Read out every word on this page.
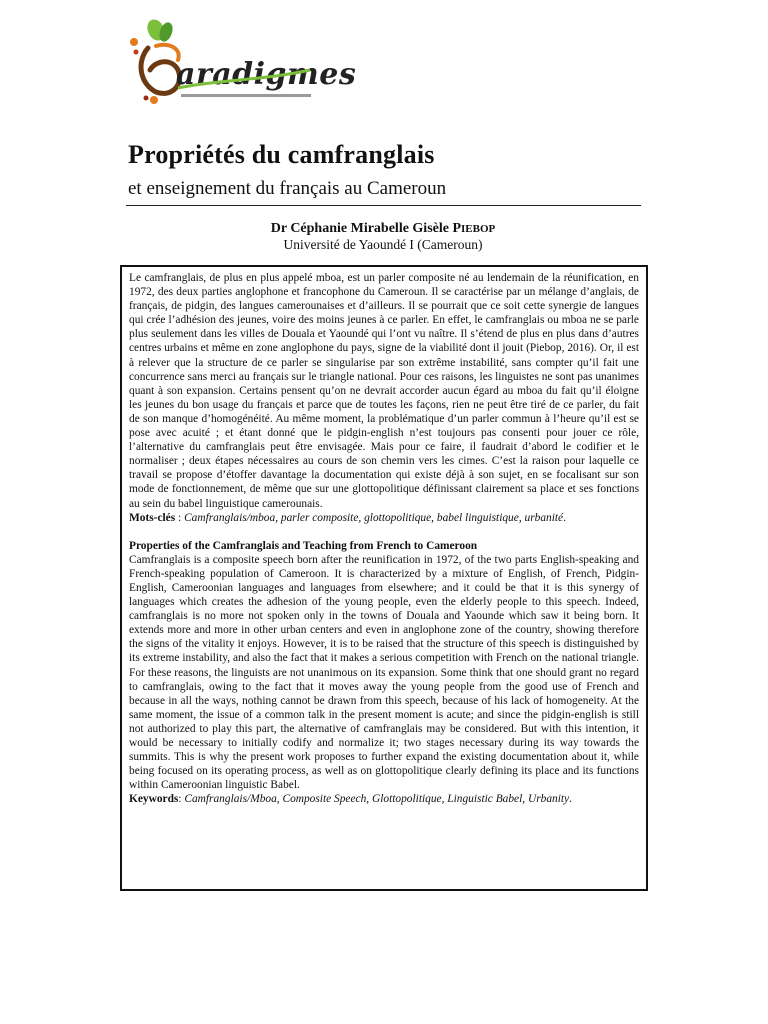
aradigmes
Propriétés du camfranglais
et enseignement du français au Cameroun
Dr Céphanie Mirabelle Gisèle PIEBOP
Université de Yaoundé I (Cameroun)

Le camfranglais, de plus en plus appelé mboa, est un parler composite né au lendemain de la réunification, en 1972, des deux parties anglophone et francophone du Cameroun. Il se caractérise par un mélange d’anglais, de français, de pidgin, des langues camerounaises et d’ailleurs. Il se pourrait que ce soit cette synergie de langues qui crée l’adhésion des jeunes, voire des moins jeunes à ce parler. En effet, le camfranglais ou mboa ne se parle plus seulement dans les villes de Douala et Yaoundé qui l’ont vu naître. Il s’étend de plus en plus dans d’autres centres urbains et même en zone anglophone du pays, signe de la viabilité dont il jouit (Piebop, 2016). Or, il est à relever que la structure de ce parler se singularise par son extrême instabilité, sans compter qu’il fait une concurrence sans merci au français sur le triangle national. Pour ces raisons, les linguistes ne sont pas unanimes quant à son expansion. Certains pensent qu’on ne devrait accorder aucun égard au mboa du fait qu’il éloigne les jeunes du bon usage du français et parce que de toutes les façons, rien ne peut être tiré de ce parler, du fait de son manque d’homogénéité. Au même moment, la problématique d’un parler commun à l’heure qu’il est se pose avec acuité ; et étant donné que le pidgin-english n’est toujours pas consenti pour jouer ce rôle, l’alternative du camfranglais peut être envisagée. Mais pour ce faire, il faudrait d’abord le codifier et le normaliser ; deux étapes nécessaires au cours de son chemin vers les cimes. C’est la raison pour laquelle ce travail se propose d’étoffer davantage la documentation qui existe déjà à son sujet, en se focalisant sur son mode de fonctionnement, de même que sur une glottopolitique définissant clairement sa place et ses fonctions au sein du babel linguistique camerounais.

Mots-clés : Camfranglais/mboa, parler composite, glottopolitique, babel linguistique, urbanité.

Properties of the Camfranglais and Teaching from French to Cameroon

Camfranglais is a composite speech born after the reunification in 1972, of the two parts English-speaking and French-speaking population of Cameroon. It is characterized by a mixture of English, of French, Pidgin-English, Cameroonian languages and languages from elsewhere; and it could be that it is this synergy of languages which creates the adhesion of the young people, even the elderly people to this speech. Indeed, camfranglais is no more not spoken only in the towns of Douala and Yaounde which saw it being born. It extends more and more in other urban centers and even in anglophone zone of the country, showing therefore the signs of the vitality it enjoys. However, it is to be raised that the structure of this speech is distinguished by its extreme instability, and also the fact that it makes a serious competition with French on the national triangle. For these reasons, the linguists are not unanimous on its expansion. Some think that one should grant no regard to camfranglais, owing to the fact that it moves away the young people from the good use of French and because in all the ways, nothing cannot be drawn from this speech, because of his lack of homogeneity. At the same moment, the issue of a common talk in the present moment is acute; and since the pidgin-english is still not authorized to play this part, the alternative of camfranglais may be considered. But with this intention, it would be necessary to initially codify and normalize it; two stages necessary during its way towards the summits. This is why the present work proposes to further expand the existing documentation about it, while being focused on its operating process, as well as on glottopolitique clearly defining its place and its functions within Cameroonian linguistic Babel.

Keywords: Camfranglais/Mboa, Composite Speech, Glottopolitique, Linguistic Babel, Urbanity.
